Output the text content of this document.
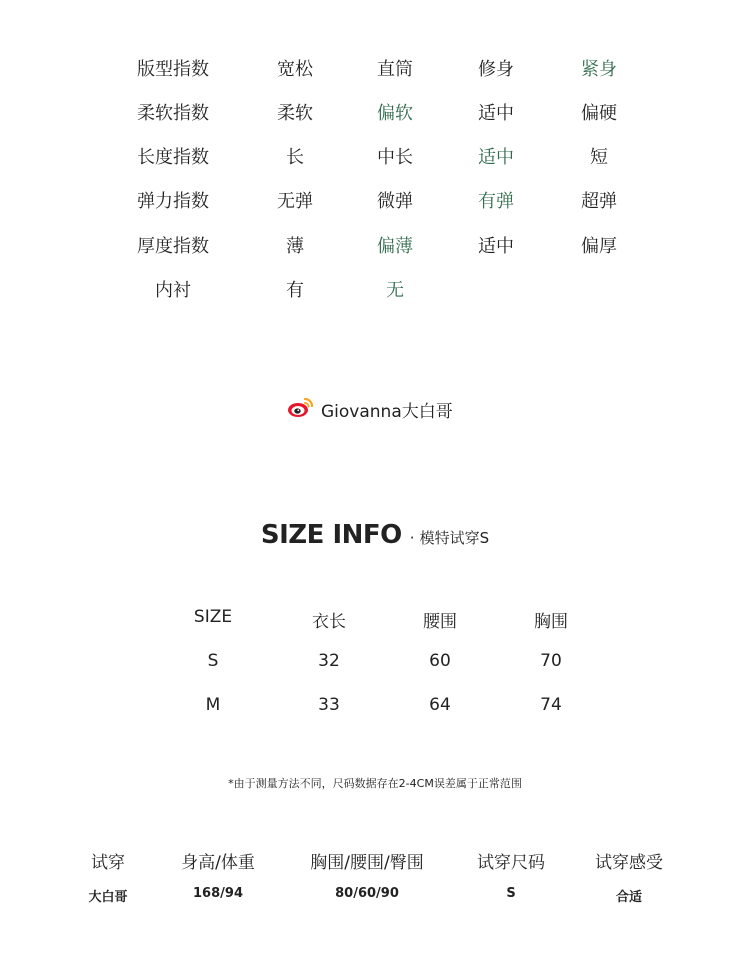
版型指数	宽松	直筒	修身	紧身
柔软指数	柔软	偏软	适中	偏硬
长度指数	长	中长	适中	短
弹力指数	无弹	微弹	有弹	超弹
厚度指数	薄	偏薄	适中	偏厚
内衬	有	无
Giovanna大白哥
SIZE INFO · 模特试穿S
SIZE	衣长	腰围	胸围
S	32	60	70
M	33	64	74
*由于测量方法不同，尺码数据存在2-4CM误差属于正常范围
试穿	身高/体重	胸围/腰围/臀围	试穿尺码	试穿感受
大白哥	168/94	80/60/90	S	合适
